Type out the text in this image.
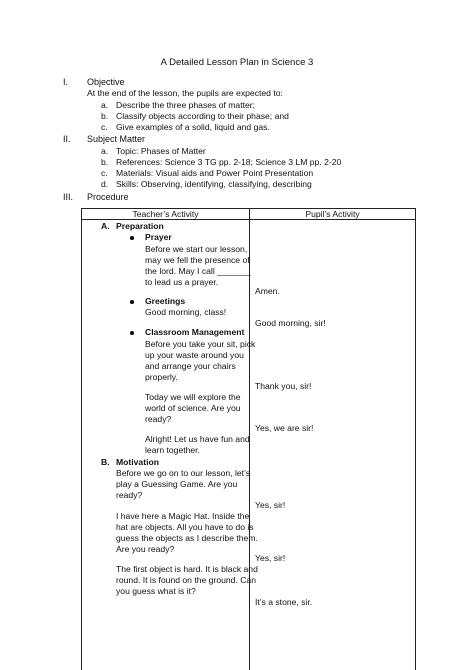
A Detailed Lesson Plan in Science 3
I. Objective
At the end of the lesson, the pupils are expected to:
a. Describe the three phases of matter;
b. Classify objects according to their phase; and
c. Give examples of a solid, liquid and gas.
II. Subject Matter
a. Topic: Phases of Matter
b. References: Science 3 TG pp. 2-18; Science 3 LM pp. 2-20
c. Materials: Visual aids and Power Point Presentation
d. Skills: Observing, identifying, classifying, describing
III. Procedure
Teacher’s Activity	Pupil’s Activity
A. Preparation
Prayer
Before we start our lesson,
may we fell the presence of
the lord. May I call _______
to lead us a prayer.
Greetings
Good morning, class!
Classroom Management
Before you take your sit, pick
up your waste around you
and arrange your chairs
properly.
Today we will explore the
world of science. Are you
ready?
Alright! Let us have fun and
learn together.
B. Motivation
Before we go on to our lesson, let’s
play a Guessing Game. Are you
ready?
I have here a Magic Hat. Inside the
hat are objects. All you have to do is
guess the objects as I describe them.
Are you ready?
The first object is hard. It is black and
round. It is found on the ground. Can
you guess what is it?
Amen.
Good morning, sir!
Thank you, sir!
Yes, we are sir!
Yes, sir!
Yes, sir!
It’s a stone, sir.
